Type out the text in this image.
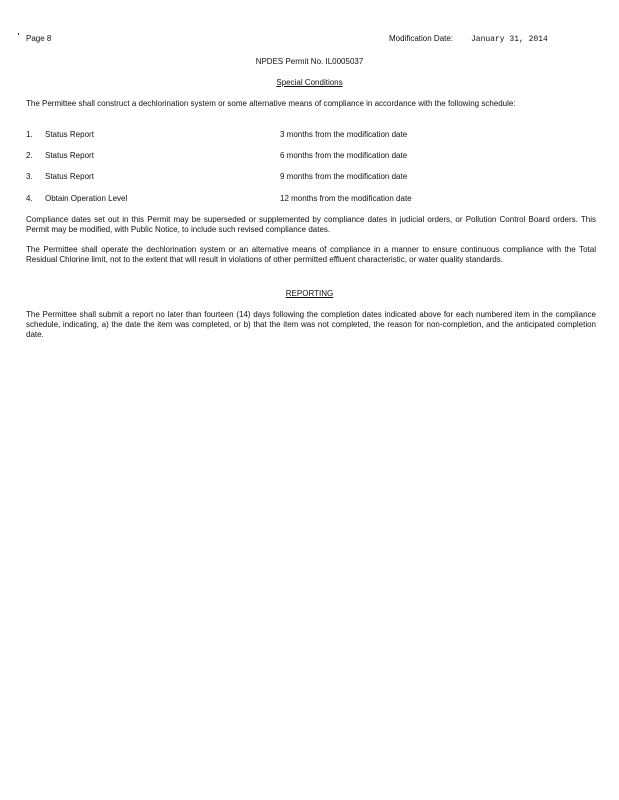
Page 8	Modification Date: January 31, 2014
NPDES Permit No. IL0005037
Special Conditions
The Permittee shall construct a dechlorination system or some alternative means of compliance in accordance with the following schedule:
1. Status Report	3 months from the modification date
2. Status Report	6 months from the modification date
3. Status Report	9 months from the modification date
4. Obtain Operation Level	12 months from the modification date
Compliance dates set out in this Permit may be superseded or supplemented by compliance dates in judicial orders, or Pollution Control Board orders. This Permit may be modified, with Public Notice, to include such revised compliance dates.
The Permittee shall operate the dechlorination system or an alternative means of compliance in a manner to ensure continuous compliance with the Total Residual Chlorine limit, not to the extent that will result in violations of other permitted effluent characteristic, or water quality standards.
REPORTING
The Permittee shall submit a report no later than fourteen (14) days following the completion dates indicated above for each numbered item in the compliance schedule, indicating, a) the date the item was completed, or b) that the item was not completed, the reason for non-completion, and the anticipated completion date.
